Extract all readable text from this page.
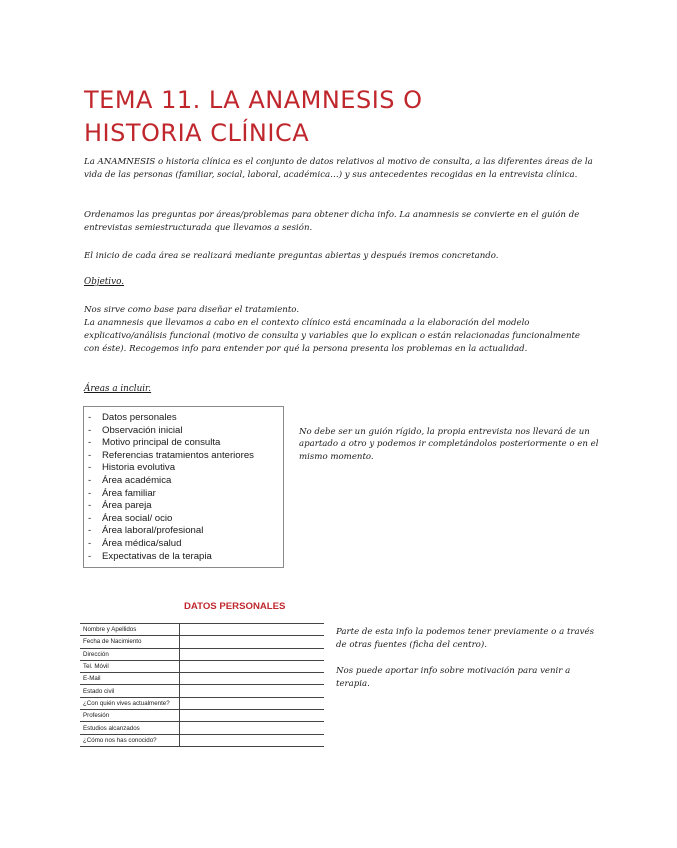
TEMA 11. LA ANAMNESIS O
HISTORIA CLÍNICA

La ANAMNESIS o historia clínica es el conjunto de datos relativos al motivo de consulta, a las diferentes áreas de la vida de las personas (familiar, social, laboral, académica…) y sus antecedentes recogidas en la entrevista clínica.

Ordenamos las preguntas por áreas/problemas para obtener dicha info. La anamnesis se convierte en el guión de entrevistas semiestructurada que llevamos a sesión.

El inicio de cada área se realizará mediante preguntas abiertas y después iremos concretando.

Objetivo.

Nos sirve como base para diseñar el tratamiento.

La anamnesis que llevamos a cabo en el contexto clínico está encaminada a la elaboración del modelo explicativo/análisis funcional (motivo de consulta y variables que lo explican o están relacionadas funcionalmente con éste). Recogemos info para entender por qué la persona presenta los problemas en la actualidad.

Áreas a incluir.

- Datos personales
- Observación inicial
- Motivo principal de consulta
- Referencias tratamientos anteriores
- Historia evolutiva
- Área académica
- Área familiar
- Área pareja
- Área social/ ocio
- Área laboral/profesional
- Área médica/salud
- Expectativas de la terapia

No debe ser un guión rígido, la propia entrevista nos llevará de un apartado a otro y podemos ir completándolos posteriormente o en el mismo momento.

DATOS PERSONALES

Nombre y Apellidos	
Fecha de Nacimiento	
Dirección	
Tel. Móvil	
E-Mail	
Estado civil	
¿Con quién vives actualmente?	
Profesión	
Estudios alcanzados	
¿Cómo nos has conocido?	

Parte de esta info la podemos tener previamente o a través de otras fuentes (ficha del centro).

Nos puede aportar info sobre motivación para venir a terapia.
